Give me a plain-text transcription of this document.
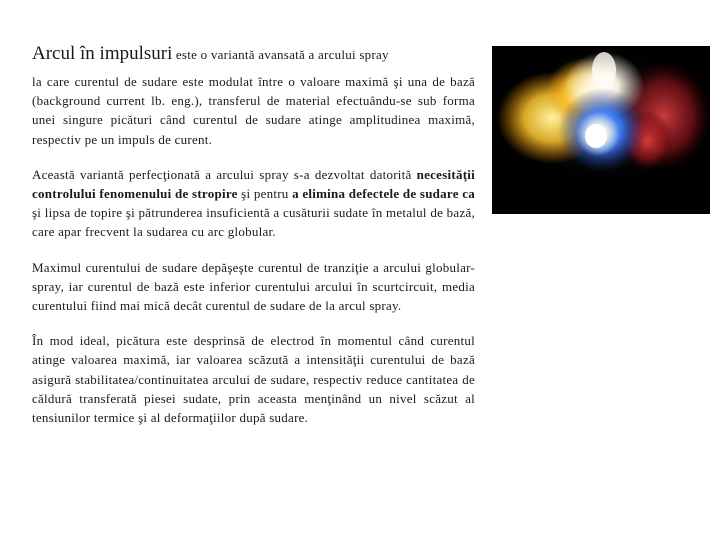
Arcul în impulsuri este o variantă avansată a arcului spray
la care curentul de sudare este modulat între o valoare maximă şi una de bază (background current lb. eng.), transferul de material efectuându-se sub forma unei singure picături când curentul de sudare atinge amplitudinea maximă, respectiv pe un impuls de curent.

Această variantă perfecţionată a arcului spray s-a dezvoltat datorită necesităţii controlului fenomenului de stropire şi pentru a elimina defectele de sudare ca şi lipsa de topire şi pătrunderea insuficientă a cusăturii sudate în metalul de bază, care apar frecvent la sudarea cu arc globular.

Maximul curentului de sudare depăşeşte curentul de tranziţie a arcului globular-spray, iar curentul de bază este inferior curentului arcului în scurtcircuit, media curentului fiind mai mică decât curentul de sudare de la arcul spray.

În mod ideal, picătura este desprinsă de electrod în momentul când curentul atinge valoarea maximă, iar valoarea scăzută a intensităţii curentului de bază asigură stabilitatea/continuitatea arcului de sudare, respectiv reduce cantitatea de căldură transferată piesei sudate, prin aceasta menţinând un nivel scăzut al tensiunilor termice şi al deformaţiilor după sudare.
